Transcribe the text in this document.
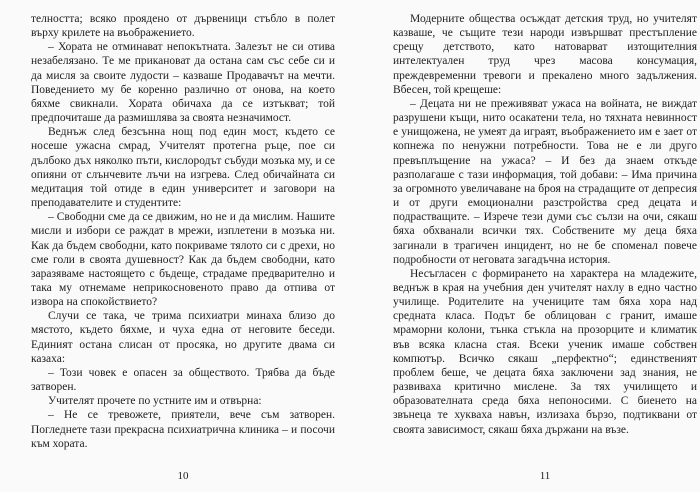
телността; всяко проядено от дървеници стъбло в полет върху крилете на въображението.

– Хората не отминават непокътната. Залезът не си отива незабелязано. Те ме прикановат да остана сам със себе си и да мисля за своите лудости – казваше Продавачът на мечти. Поведението му бе коренно различно от онова, на което бяхме свикнали. Хората обичаха да се изтъкват; той предпочиташе да размишлява за своята незначимост.

Веднъж след безсънна нощ под един мост, където се носеше ужасна смрад, Учителят протегна ръце, пое си дълбоко дъх няколко пъти, кислородът събуди мозъка му, и се опияни от слънчевите лъчи на изгрева. След обичайната си медитация той отиде в един университет и заговори на преподавателите и студентите:

– Свободни сме да се движим, но не и да мислим. Нашите мисли и избори се раждат в мрежи, изплетени в мозъка ни. Как да бъдем свободни, като покриваме тялото си с дрехи, но сме голи в своята душевност? Как да бъдем свободни, като заразяваме настоящето с бъдеще, страдаме предварително и така му отнемаме неприкосновеното право да отпива от извора на спокойствието?

Случи се така, че трима психиатри минаха близо до мястото, където бяхме, и чуха една от неговите беседи. Единият остана слисан от просяка, но другите двама си казаха:

– Този човек е опасен за обществото. Трябва да бъде затворен.

Учителят прочете по устните им и отвърна:

– Не се тревожете, приятели, вече съм затворен. Погледнете тази прекрасна психиатрична клиника – и посочи към хората.

10

Модерните общества осъждат детския труд, но учителят казваше, че същите тези народи извършват престъпление срещу детството, като натоварват изтощителния интелектуален труд чрез масова консумация, преждевременни тревоги и прекалено много задължения. Вбесен, той крещеше:

– Децата ни не преживяват ужаса на войната, не виждат разрушени къщи, нито осакатени тела, но тяхната невинност е унищожена, не умеят да играят, въображението им е зает от копнежа по ненужни потребности. Това не е ли друго превъплъщение на ужаса? – И без да знаем откъде разполагаше с тази информация, той добави: – Има причина за огромното увеличаване на броя на страдащите от депресия и от други емоционални разстройства сред децата и подрастващите. – Изрече тези думи със сълзи на очи, сякаш бяха обхванали всички тях. Собствените му деца бяха загинали в трагичен инцидент, но не бе споменал повече подробности от неговата загадъчна история.

Несъгласен с формирането на характера на младежите, веднъж в края на учебния ден учителят нахлу в едно частно училище. Родителите на учениците там бяха хора над средната класа. Подът бе облицован с гранит, имаше мраморни колони, тънка стъкла на прозорците и климатик във всяка класна стая. Всеки ученик имаше собствен компютър. Всичко сякаш „перфектно“; единственият проблем беше, че децата бяха заключени зад знания, не развиваха критично мислене. За тях училището и образователната среда бяха непоносими. С биенето на звънеца те хукваха навън, излизаха бързо, подтиквани от своята зависимост, сякаш бяха държани на възе.

11
